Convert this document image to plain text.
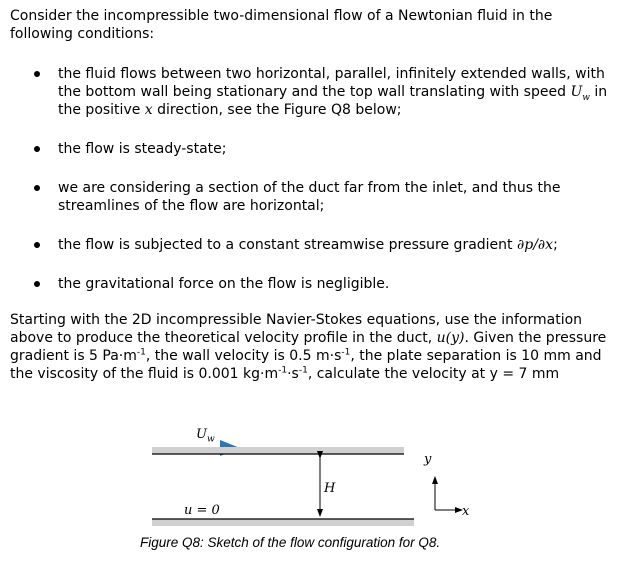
Consider the incompressible two-dimensional flow of a Newtonian fluid in the following conditions:

the fluid flows between two horizontal, parallel, infinitely extended walls, with the bottom wall being stationary and the top wall translating with speed $U_w$ in the positive x direction, see the Figure Q8 below;
the flow is steady-state;
we are considering a section of the duct far from the inlet, and thus the streamlines of the flow are horizontal;
the flow is subjected to a constant streamwise pressure gradient ∂p/∂x;
the gravitational force on the flow is negligible.

Starting with the 2D incompressible Navier-Stokes equations, use the information above to produce the theoretical velocity profile in the duct, u(y). Given the pressure gradient is 5 $Pa\cdot m^{-1}$, the wall velocity is 0.5 $m\cdot s^{-1}$, the plate separation is 10 mm and the viscosity of the fluid is 0.001 $kg\cdot m^{-1}\cdot s^{-1}$, calculate the velocity at y = 7 mm

$U_w$
H
y
x
u = 0
Figure Q8: Sketch of the flow configuration for Q8.
